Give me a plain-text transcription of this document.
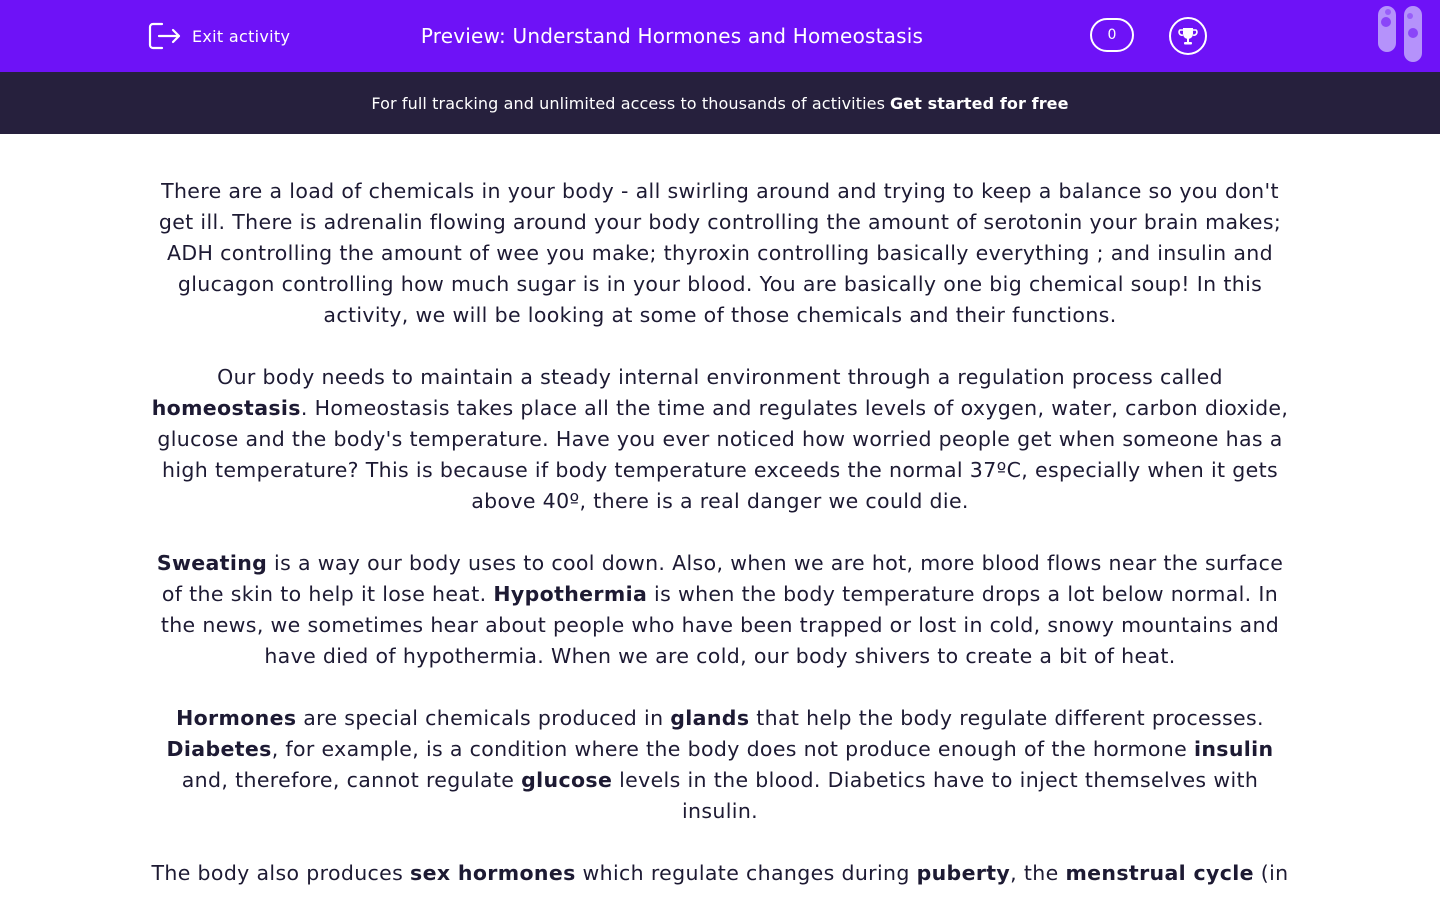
Exit activity	Preview: Understand Hormones and Homeostasis	0
For full tracking and unlimited access to thousands of activities Get started for free

There are a load of chemicals in your body - all swirling around and trying to keep a balance so you don't get ill. There is adrenalin flowing around your body controlling the amount of serotonin your brain makes; ADH controlling the amount of wee you make; thyroxin controlling basically everything ; and insulin and glucagon controlling how much sugar is in your blood. You are basically one big chemical soup! In this activity, we will be looking at some of those chemicals and their functions.

Our body needs to maintain a steady internal environment through a regulation process called homeostasis. Homeostasis takes place all the time and regulates levels of oxygen, water, carbon dioxide, glucose and the body's temperature. Have you ever noticed how worried people get when someone has a high temperature? This is because if body temperature exceeds the normal 37ºC, especially when it gets above 40º, there is a real danger we could die.

Sweating is a way our body uses to cool down. Also, when we are hot, more blood flows near the surface of the skin to help it lose heat. Hypothermia is when the body temperature drops a lot below normal. In the news, we sometimes hear about people who have been trapped or lost in cold, snowy mountains and have died of hypothermia. When we are cold, our body shivers to create a bit of heat.

Hormones are special chemicals produced in glands that help the body regulate different processes. Diabetes, for example, is a condition where the body does not produce enough of the hormone insulin and, therefore, cannot regulate glucose levels in the blood. Diabetics have to inject themselves with insulin.

The body also produces sex hormones which regulate changes during puberty, the menstrual cycle (in
